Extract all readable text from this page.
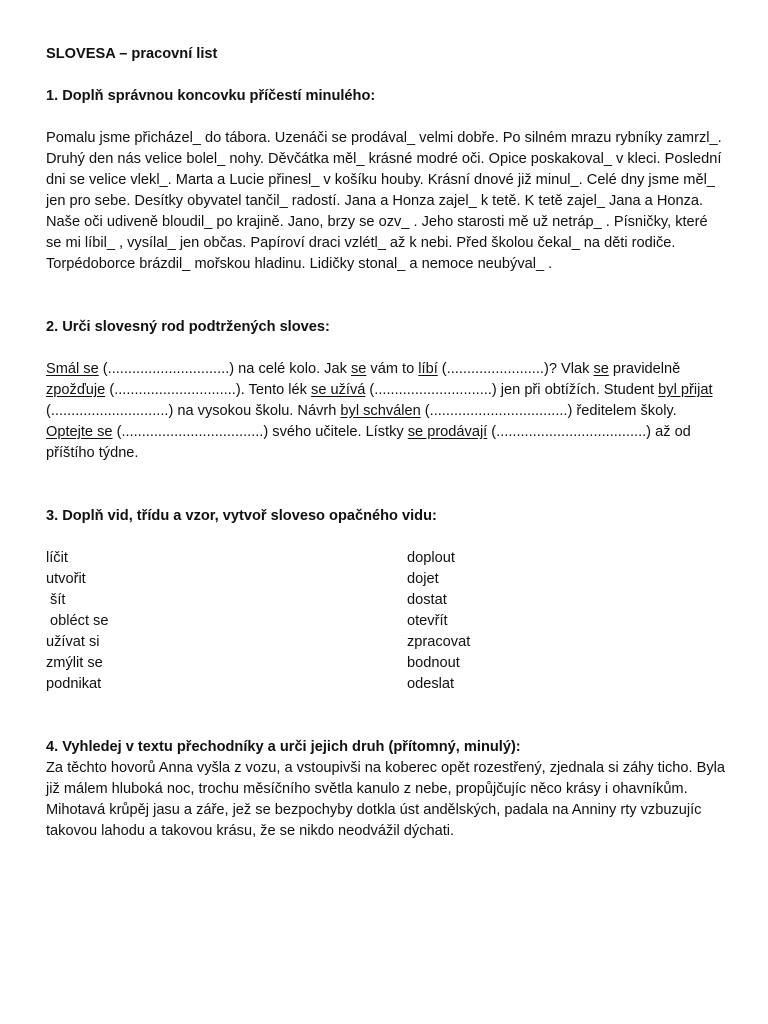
SLOVESA – pracovní list

1. Doplň správnou koncovku příčestí minulého:

Pomalu jsme přicházel_ do tábora. Uzenáči se prodával_ velmi dobře. Po silném mrazu rybníky zamrzl_. Druhý den nás velice bolel_ nohy. Děvčátka měl_ krásné modré oči. Opice poskakoval_ v kleci. Poslední dni se velice vlekl_. Marta a Lucie přinesl_ v košíku houby. Krásní dnové již minul_. Celé dny jsme měl_ jen pro sebe. Desítky obyvatel tančil_ radostí. Jana a Honza zajel_ k tetě. K tetě zajel_ Jana a Honza. Naše oči udiveně bloudil_ po krajině. Jano, brzy se ozv_ . Jeho starosti mě už netráp_ . Písničky, které se mi líbil_ , vysílal_ jen občas. Papíroví draci vzlétl_ až k nebi. Před školou čekal_ na děti rodiče. Torpédoborce brázdil_ mořskou hladinu. Lidičky stonal_ a nemoce neubýval_ .

2. Urči slovesný rod podtržených sloves:

Smál se (..............................) na celé kolo. Jak se vám to líbí (........................)? Vlak se pravidelně zpožďuje (..............................). Tento lék se užívá (.............................) jen při obtížích. Student byl přijat (.............................) na vysokou školu. Návrh byl schválen (..................................) ředitelem školy. Optejte se (...................................) svého učitele. Lístky se prodávají (.....................................) až od příštího týdne.

3. Doplň vid, třídu a vzor, vytvoř sloveso opačného vidu:
líčit
utvořit
šít
obléct se
užívat si
zmýlit se
podnikat
doplout
dojet
dostat
otevřít
zpracovat
bodnout
odeslat
4. Vyhledej v textu přechodníky a urči jejich druh (přítomný, minulý):

Za těchto hovorů Anna vyšla z vozu, a vstoupivši na koberec opět rozestřený, zjednala si záhy ticho. Byla již málem hluboká noc, trochu měsíčního světla kanulo z nebe, propůjčujíc něco krásy i ohavníkům. Mihotavá krůpěj jasu a záře, jež se bezpochyby dotkla úst andělských, padala na Anniny rty vzbuzujíc takovou lahodu a takovou krásu, že se nikdo neodvážil dýchati.
